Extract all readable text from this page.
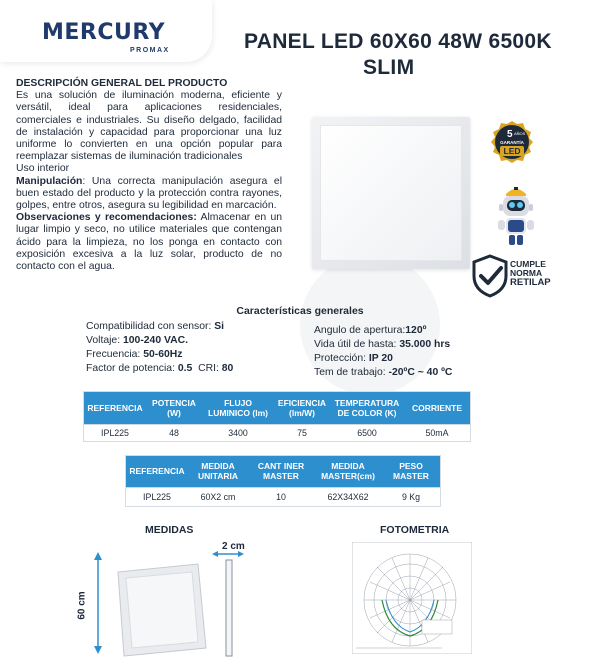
MERCURY
PROMAX	PANEL LED 60X60 48W 6500K
SLIM
DESCRIPCIÓN GENERAL DEL PRODUCTO

Es una solución de iluminación moderna, eficiente y versátil, ideal para aplicaciones residenciales, comerciales e industriales. Su diseño delgado, facilidad de instalación y capacidad para proporcionar una luz uniforme lo convierten en una opción popular para reemplazar sistemas de iluminación tradicionales

Uso interior

Manipulación: Una correcta manipulación asegura el buen estado del producto y la protección contra rayones, golpes, entre otros, asegura su legibilidad en marcación.

Observaciones y recomendaciones: Almacenar en un lugar limpio y seco, no utilice materiales que contengan ácido para la limpieza, no los ponga en contacto con exposición excesiva a la luz solar, producto de no contacto con el agua.

5 AÑOS
GARANTÍA
LED
CUMPLE
NORMA
RETILAP
Características generales
Compatibilidad con sensor: Si
Voltaje: 100-240 VAC.
Frecuencia: 50-60Hz
Factor de potencia: 0.5  CRI: 80
Angulo de apertura:120º
Vida útil de hasta: 35.000 hrs
Protección: IP 20
Tem de trabajo: -20ºC ~ 40 ºC
REFERENCIA	POTENCIA (W)	FLUJO LUMINICO (lm)	EFICIENCIA (lm/W)	TEMPERATURA DE COLOR (K)	CORRIENTE
IPL225	48	3400	75	6500	50mA
REFERENCIA	MEDIDA UNITARIA	CANT INER MASTER	MEDIDA MASTER(cm)	PESO MASTER
IPL225	60X2 cm	10	62X34X62	9 Kg
MEDIDAS
2 cm
60 cm
FOTOMETRIA
